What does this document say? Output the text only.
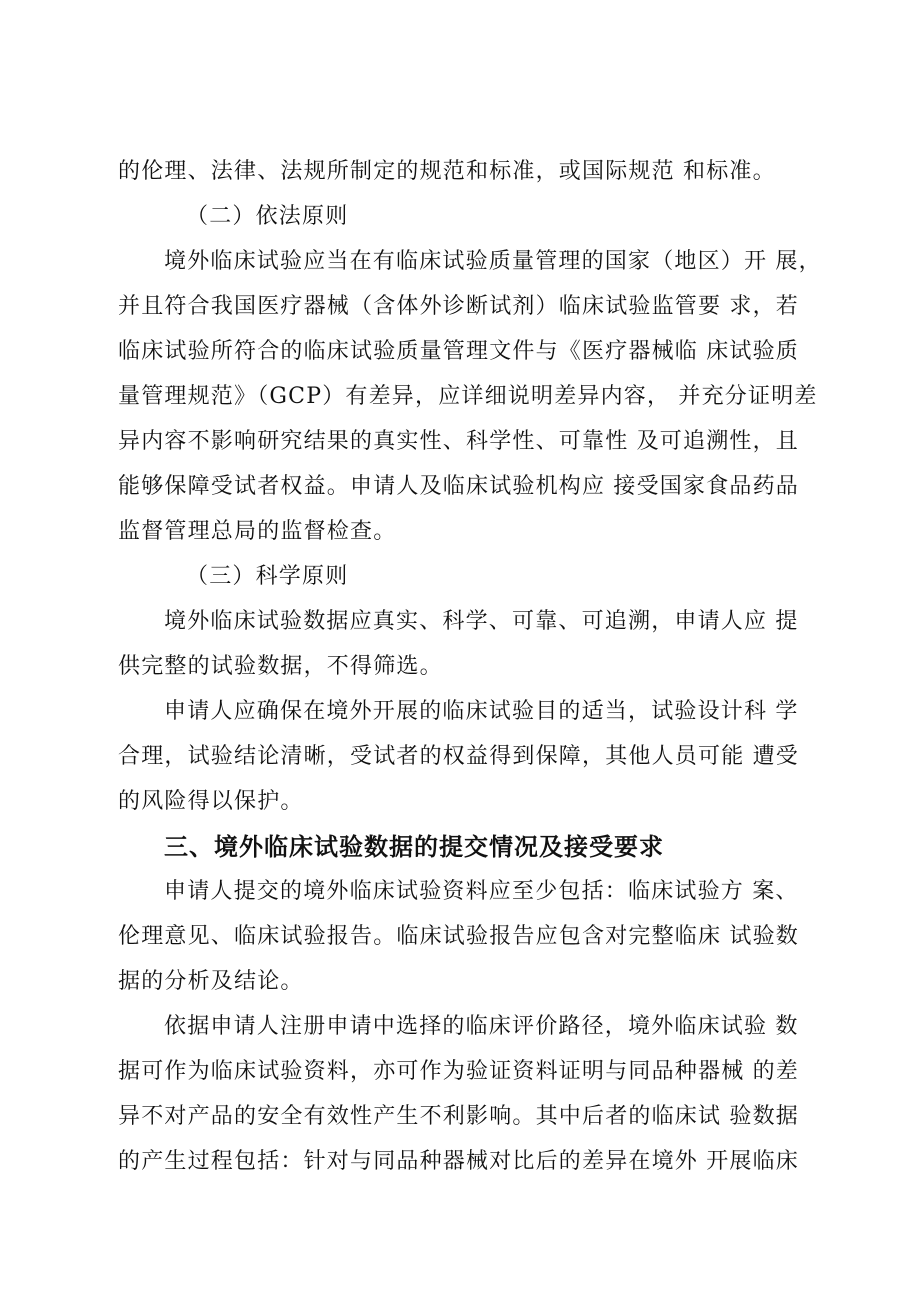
的伦理、法律、法规所制定的规范和标准，或国际规范 和标准。
（二）依法原则
境外临床试验应当在有临床试验质量管理的国家（地区）开 展，
并且符合我国医疗器械（含体外诊断试剂）临床试验监管要 求，若
临床试验所符合的临床试验质量管理文件与《医疗器械临 床试验质
量管理规范》（GCP）有差异，应详细说明差异内容， 并充分证明差
异内容不影响研究结果的真实性、科学性、可靠性 及可追溯性，且
能够保障受试者权益。申请人及临床试验机构应 接受国家食品药品
监督管理总局的监督检查。
（三）科学原则
境外临床试验数据应真实、科学、可靠、可追溯，申请人应 提
供完整的试验数据，不得筛选。
申请人应确保在境外开展的临床试验目的适当，试验设计科 学
合理，试验结论清晰，受试者的权益得到保障，其他人员可能 遭受
的风险得以保护。
三、境外临床试验数据的提交情况及接受要求
申请人提交的境外临床试验资料应至少包括：临床试验方 案、
伦理意见、临床试验报告。临床试验报告应包含对完整临床 试验数
据的分析及结论。
依据申请人注册申请中选择的临床评价路径，境外临床试验 数
据可作为临床试验资料，亦可作为验证资料证明与同品种器械 的差
异不对产品的安全有效性产生不利影响。其中后者的临床试 验数据
的产生过程包括：针对与同品种器械对比后的差异在境外 开展临床
